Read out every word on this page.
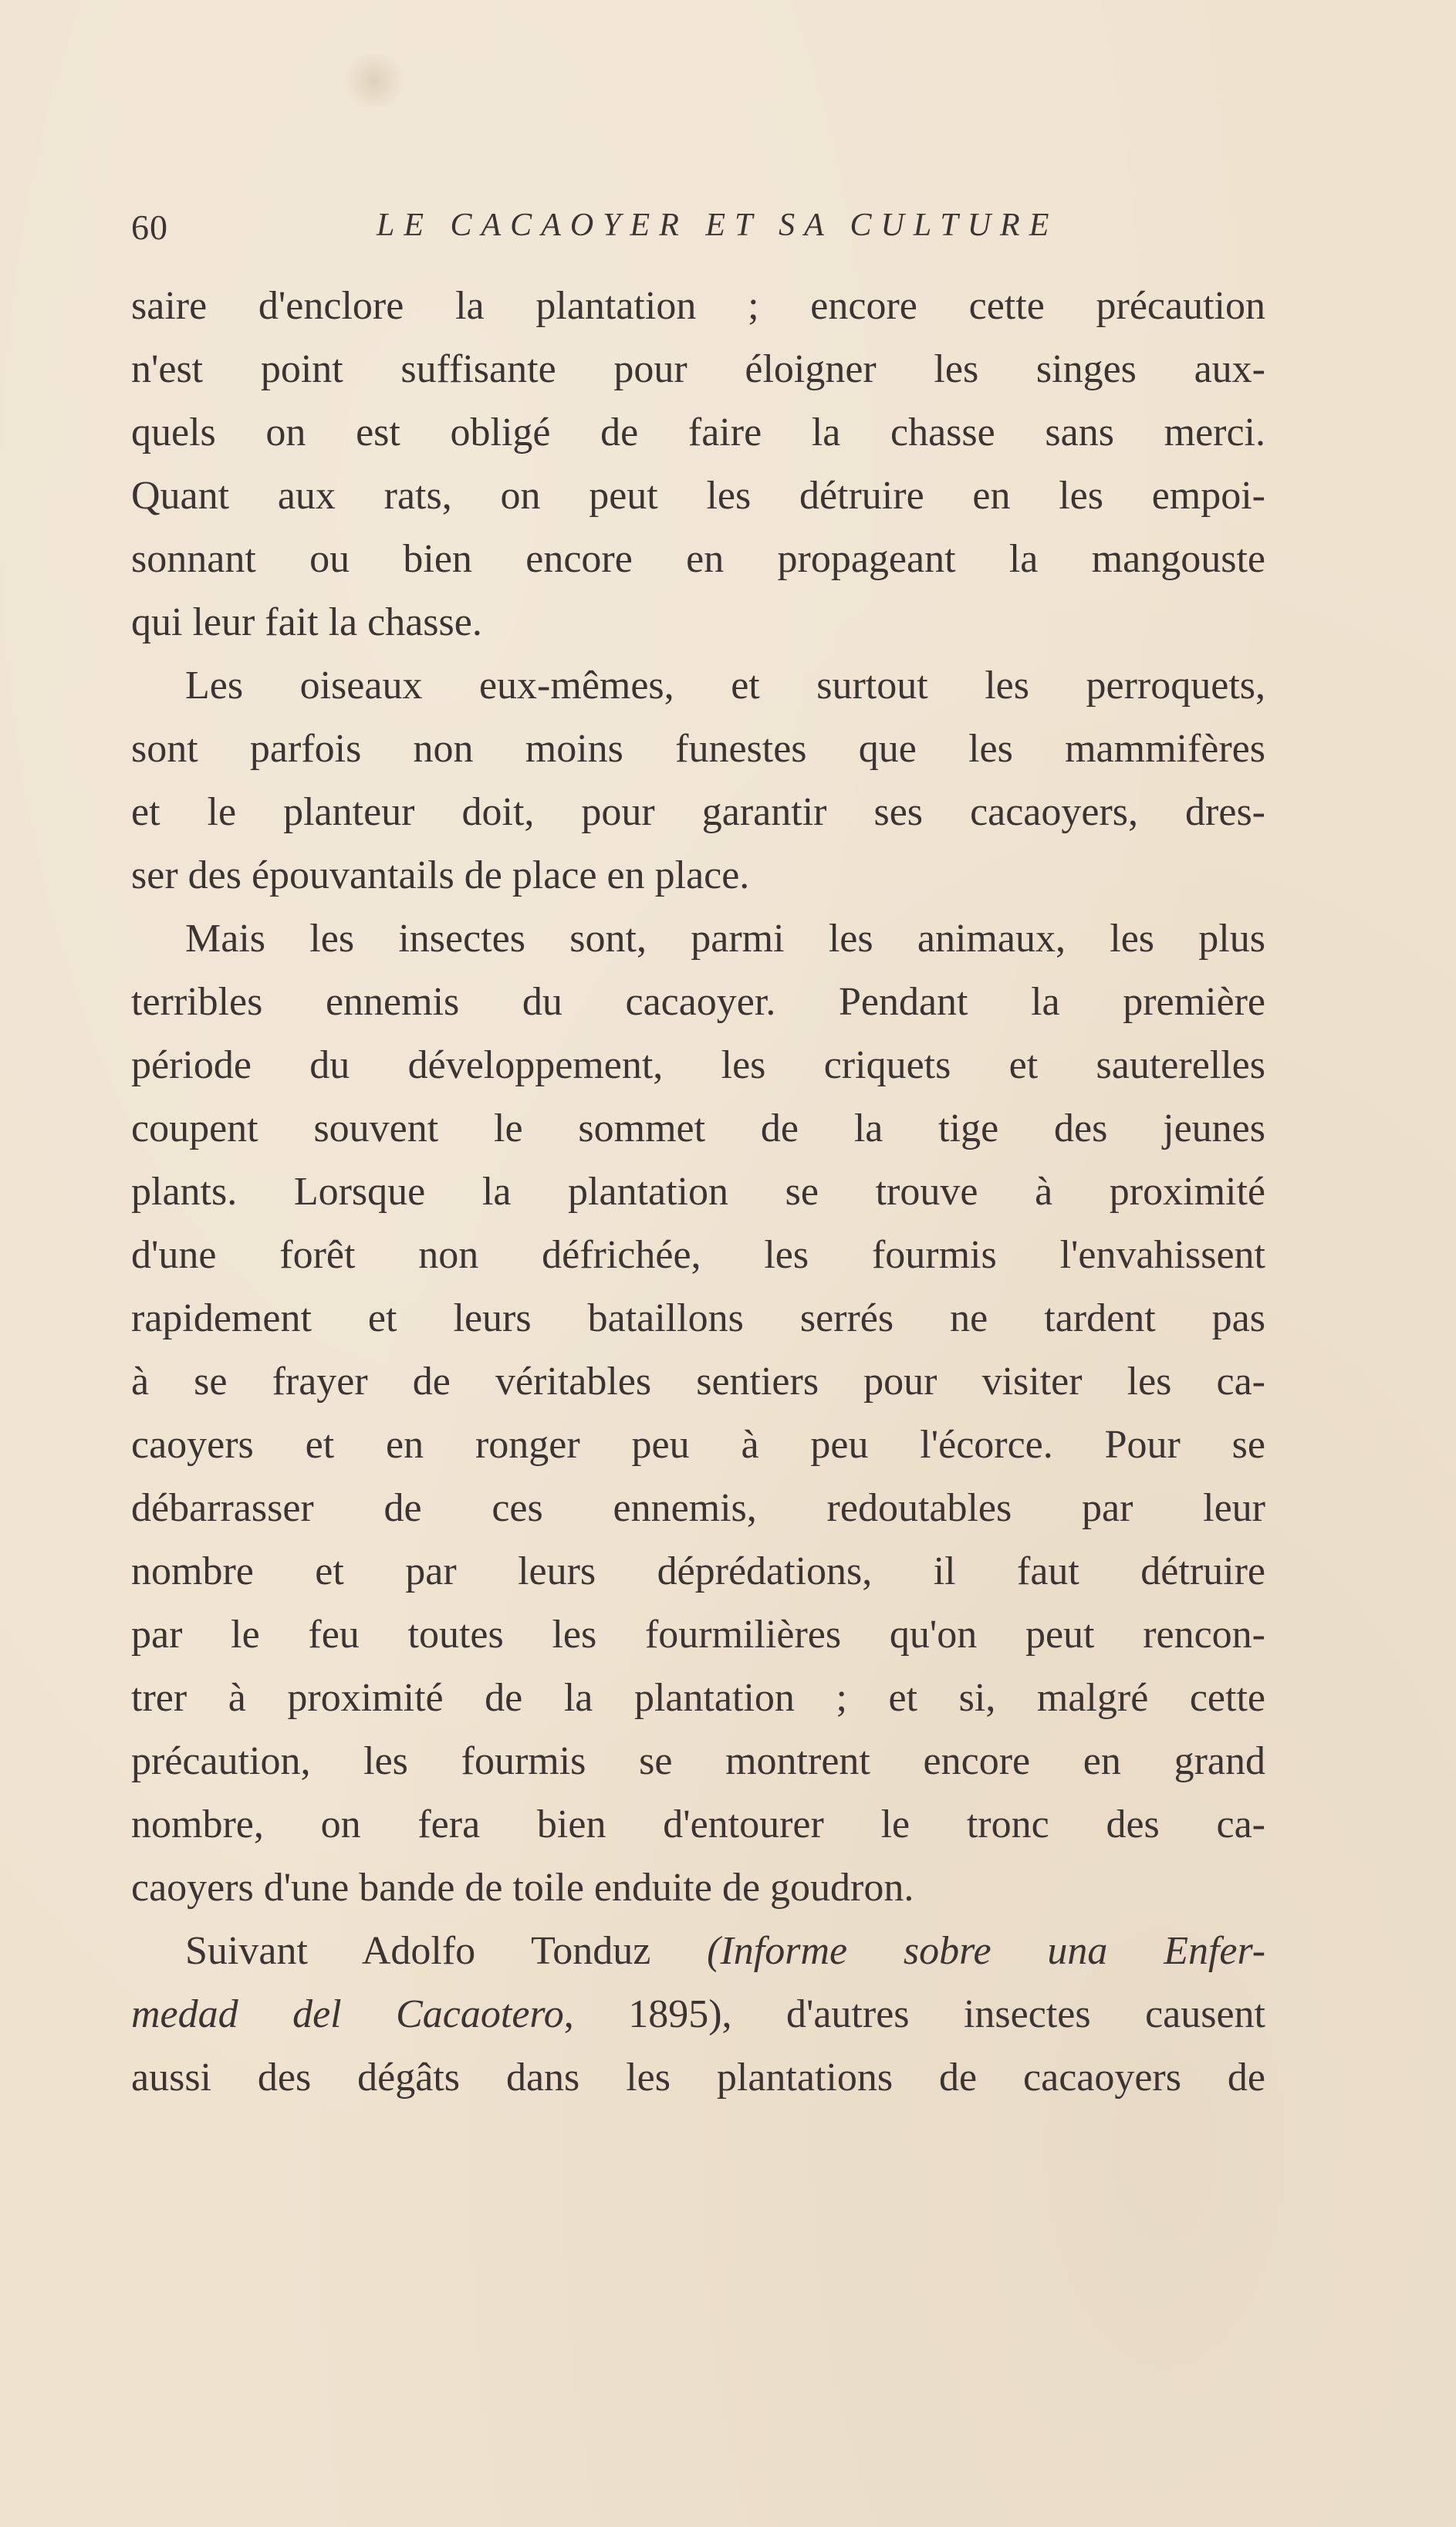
60	LE CACAOYER ET SA CULTURE
saire d'enclore la plantation ; encore cette précaution
n'est point suffisante pour éloigner les singes aux-
quels on est obligé de faire la chasse sans merci.
Quant aux rats, on peut les détruire en les empoi-
sonnant ou bien encore en propageant la mangouste
qui leur fait la chasse.
Les oiseaux eux-mêmes, et surtout les perroquets,
sont parfois non moins funestes que les mammifères
et le planteur doit, pour garantir ses cacaoyers, dres-
ser des épouvantails de place en place.
Mais les insectes sont, parmi les animaux, les plus
terribles ennemis du cacaoyer. Pendant la première
période du développement, les criquets et sauterelles
coupent souvent le sommet de la tige des jeunes
plants. Lorsque la plantation se trouve à proximité
d'une forêt non défrichée, les fourmis l'envahissent
rapidement et leurs bataillons serrés ne tardent pas
à se frayer de véritables sentiers pour visiter les ca-
caoyers et en ronger peu à peu l'écorce. Pour se
débarrasser de ces ennemis, redoutables par leur
nombre et par leurs déprédations, il faut détruire
par le feu toutes les fourmilières qu'on peut rencon-
trer à proximité de la plantation ; et si, malgré cette
précaution, les fourmis se montrent encore en grand
nombre, on fera bien d'entourer le tronc des ca-
caoyers d'une bande de toile enduite de goudron.
Suivant Adolfo Tonduz (Informe sobre una Enfer-
medad del Cacaotero, 1895), d'autres insectes causent
aussi des dégâts dans les plantations de cacaoyers de
